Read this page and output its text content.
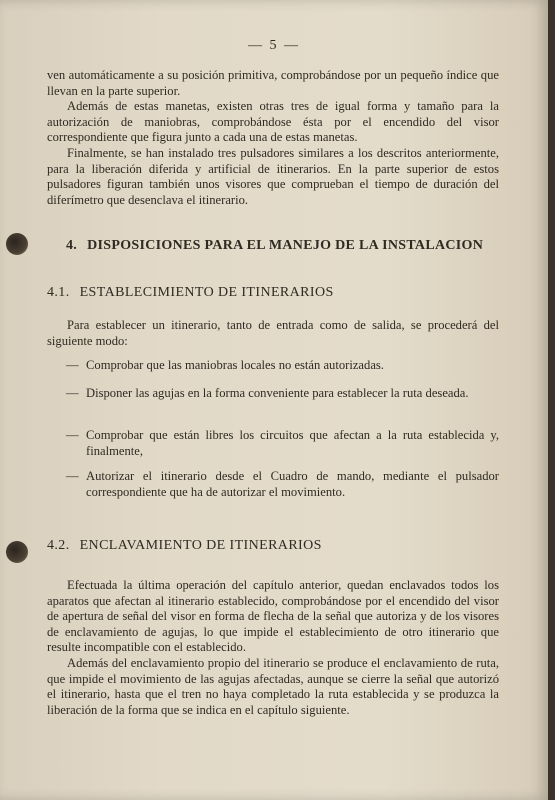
— 5 —

ven automáticamente a su posición primitiva, comprobándose por un pequeño índice que llevan en la parte superior.

Además de estas manetas, existen otras tres de igual forma y tamaño para la autorización de maniobras, comprobándose ésta por el encendido del visor correspondiente que figura junto a cada una de estas manetas.

Finalmente, se han instalado tres pulsadores similares a los descritos anteriormente, para la liberación diferida y artificial de itinerarios. En la parte superior de estos pulsadores figuran también unos visores que comprueban el tiempo de duración del diferímetro que desenclava el itinerario.

4. DISPOSICIONES PARA EL MANEJO DE LA INSTALACION
4.1. ESTABLECIMIENTO DE ITINERARIOS

Para establecer un itinerario, tanto de entrada como de salida, se procederá del siguiente modo:

— Comprobar que las maniobras locales no están autorizadas.
— Disponer las agujas en la forma conveniente para establecer la ruta deseada.
— Comprobar que están libres los circuitos que afectan a la ruta establecida y, finalmente,
— Autorizar el itinerario desde el Cuadro de mando, mediante el pulsador correspondiente que ha de autorizar el movimiento.
4.2. ENCLAVAMIENTO DE ITINERARIOS

Efectuada la última operación del capítulo anterior, quedan enclavados todos los aparatos que afectan al itinerario establecido, comprobándose por el encendido del visor de apertura de señal del visor en forma de flecha de la señal que autoriza y de los visores de enclavamiento de agujas, lo que impide el establecimiento de otro itinerario que resulte incompatible con el establecido.

Además del enclavamiento propio del itinerario se produce el enclavamiento de ruta, que impide el movimiento de las agujas afectadas, aunque se cierre la señal que autorizó el itinerario, hasta que el tren no haya completado la ruta establecida y se produzca la liberación de la forma que se indica en el capítulo siguiente.
